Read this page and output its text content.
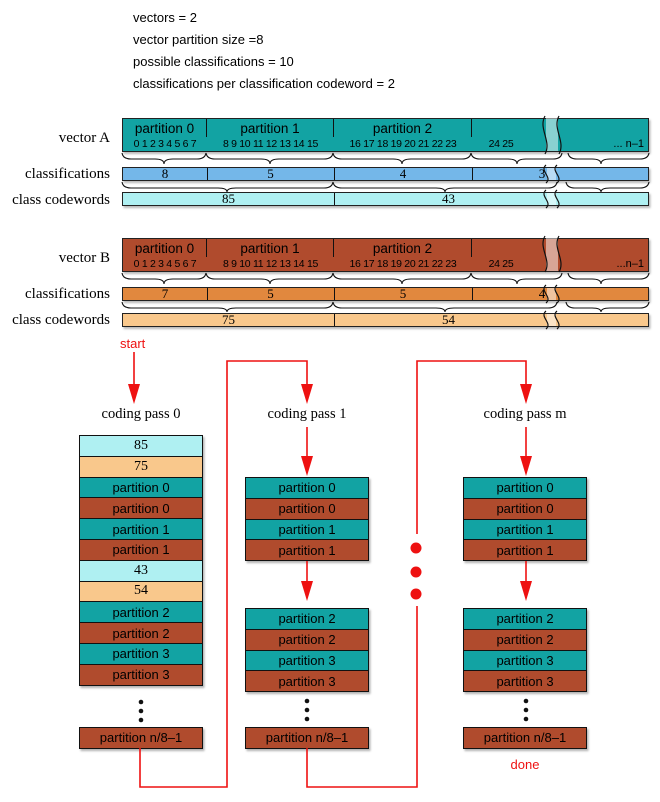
vectors = 2
vector partition size =8
possible classifications = 10
classifications per classification codeword = 2
vector A
partition 0	partition 1	partition 2
0 1 2 3 4 5 6 7	8 9 10 11 12 13 14 15	16 17 18 19 20 21 22 23	24 25	... n–1
classifications	8	5	4	3
class codewords	85	43
vector B
partition 0	partition 1	partition 2
0 1 2 3 4 5 6 7	8 9 10 11 12 13 14 15	16 17 18 19 20 21 22 23	24 25	...n–1
classifications	7	5	5	4
class codewords	75	54
start
coding pass 0	coding pass 1	coding pass m
85
75
partition 0
partition 0
partition 1
partition 1
43
54
partition 2
partition 2
partition 3
partition 3
partition n/8–1
partition 0
partition 0
partition 1
partition 1
partition 2
partition 2
partition 3
partition 3
partition n/8–1
partition 0
partition 0
partition 1
partition 1
partition 2
partition 2
partition 3
partition 3
partition n/8–1
done
